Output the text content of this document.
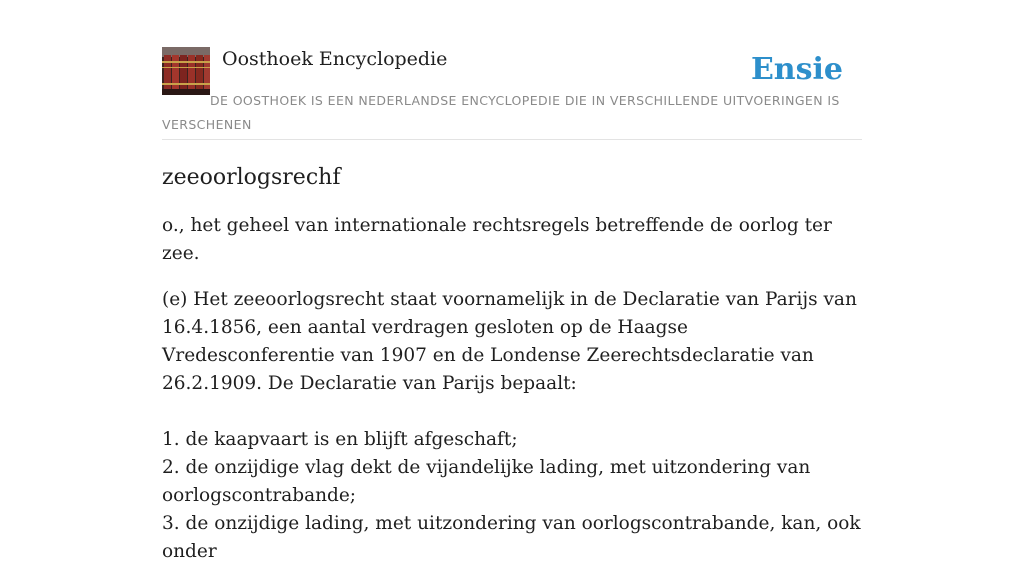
Oosthoek Encyclopedie	Ensie
DE OOSTHOEK IS EEN NEDERLANDSE ENCYCLOPEDIE DIE IN VERSCHILLENDE UITVOERINGEN IS VERSCHENEN
zeeoorlogsrechf

o., het geheel van internationale rechtsregels betreffende de oorlog ter zee.

(e) Het zeeoorlogsrecht staat voornamelijk in de Declaratie van Parijs van 16.4.1856, een aantal verdragen gesloten op de Haagse Vredesconferentie van 1907 en de Londense Zeerechtsdeclaratie van 26.2.1909. De Declaratie van Parijs bepaalt:

1. de kaapvaart is en blijft afgeschaft;
2. de onzijdige vlag dekt de vijandelijke lading, met uitzondering van oorlogscontrabande;
3. de onzijdige lading, met uitzondering van oorlogscontrabande, kan, ook onder
